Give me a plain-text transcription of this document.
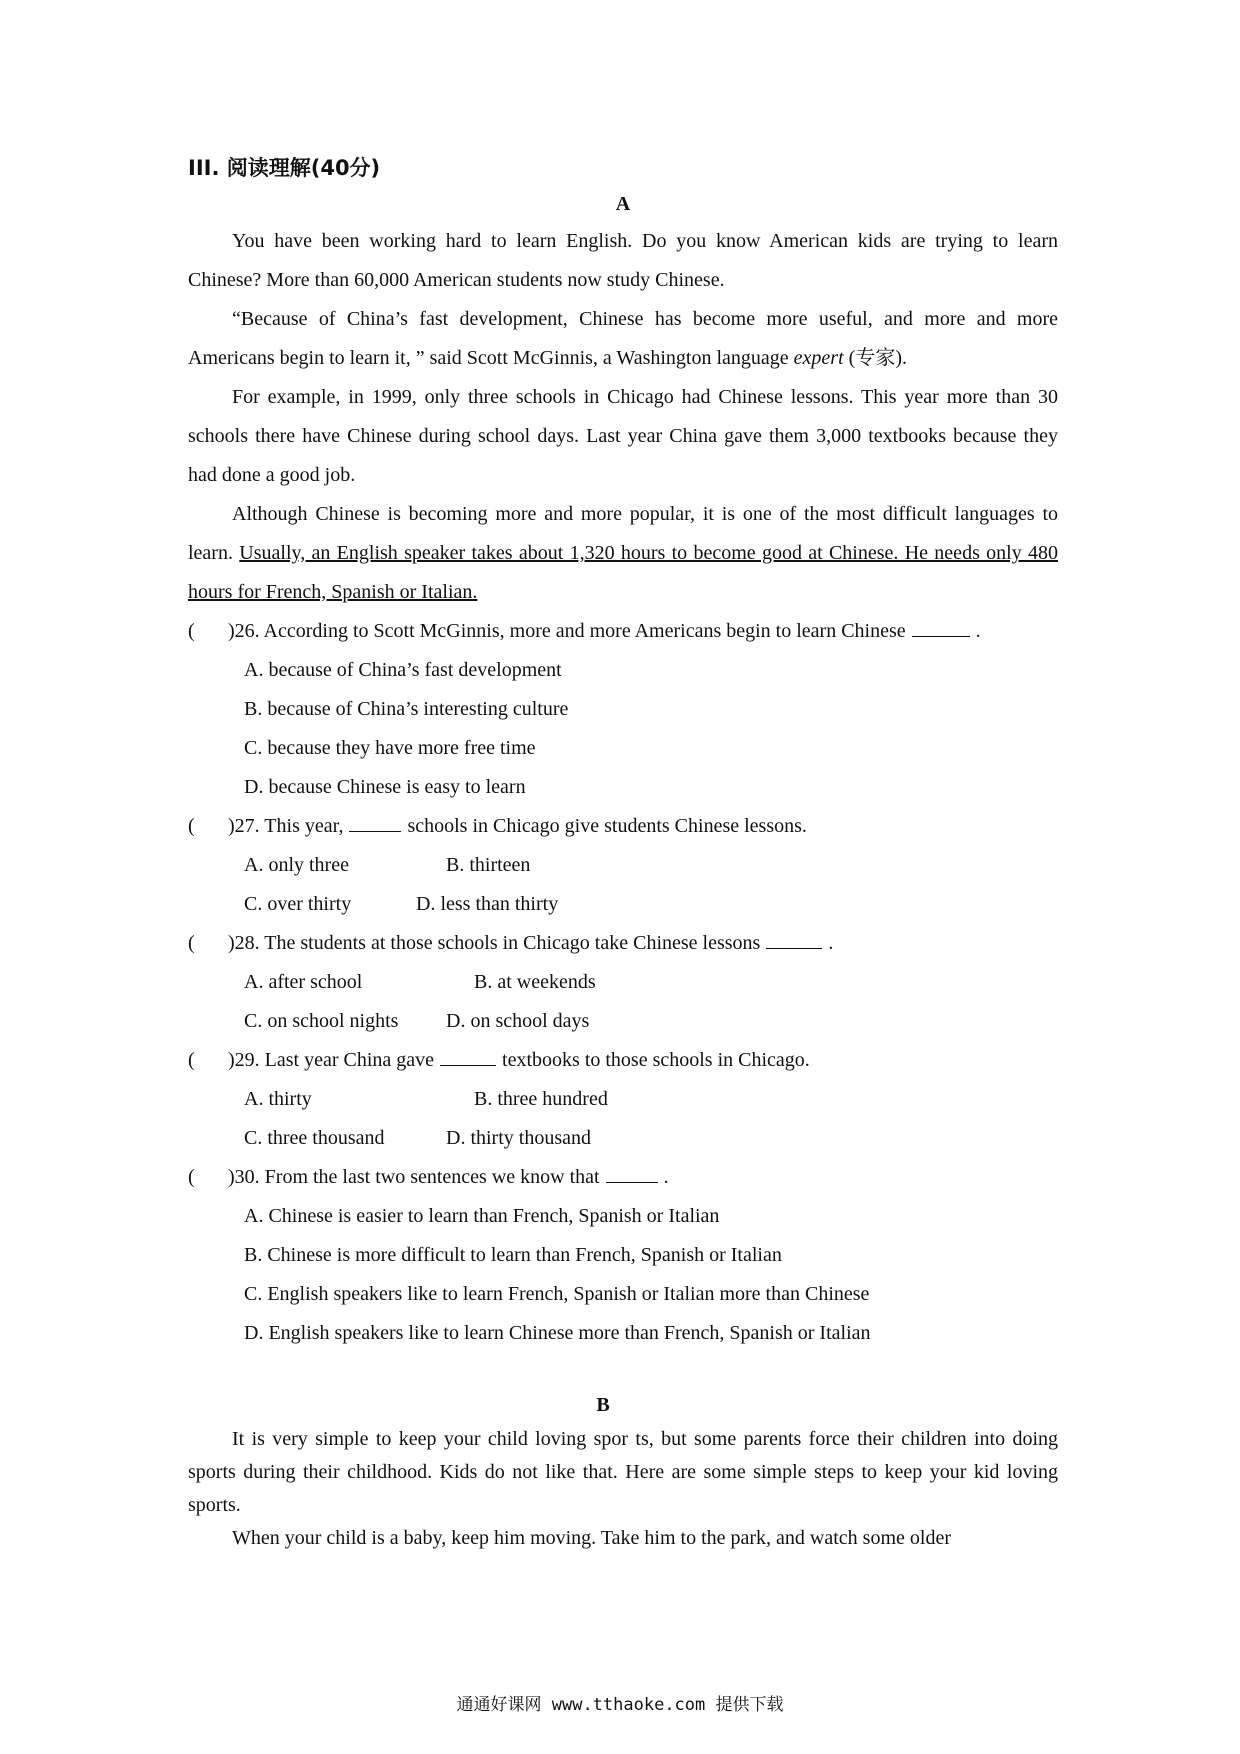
III. 阅读理解(40分)
A

You have been working hard to learn English. Do you know American kids are trying to learn Chinese? More than 60,000 American students now study Chinese.

“Because of China’s fast development, Chinese has become more useful, and more and more Americans begin to learn it, ” said Scott McGinnis, a Washington language expert (专家).

For example, in 1999, only three schools in Chicago had Chinese lessons. This year more than 30 schools there have Chinese during school days. Last year China gave them 3,000 textbooks because they had done a good job.

Although Chinese is becoming more and more popular, it is one of the most difficult languages to learn. Usually, an English speaker takes about 1,320 hours to become good at Chinese. He needs only 480 hours for French, Spanish or Italian.

(	)26. According to Scott McGinnis, more and more Americans begin to learn Chinese	.
A. because of China’s fast development
B. because of China’s interesting culture
C. because they have more free time
D. because Chinese is easy to learn
(	)27. This year,	schools in Chicago give students Chinese lessons.
A. only three	B. thirteen
C. over thirty	D. less than thirty
(	)28. The students at those schools in Chicago take Chinese lessons	.
A. after school	B. at weekends
C. on school nights	D. on school days
(	)29. Last year China gave	textbooks to those schools in Chicago.
A. thirty	B. three hundred
C. three thousand	D. thirty thousand
(	)30. From the last two sentences we know that	.
A. Chinese is easier to learn than French, Spanish or Italian
B. Chinese is more difficult to learn than French, Spanish or Italian
C. English speakers like to learn French, Spanish or Italian more than Chinese
D. English speakers like to learn Chinese more than French, Spanish or Italian
B

It is very simple to keep your child loving spor ts, but some parents force their children into doing sports during their childhood. Kids do not like that. Here are some simple steps to keep your kid loving sports.

When your child is a baby, keep him moving. Take him to the park, and watch some older

通通好课网 www.tthaoke.com 提供下载
